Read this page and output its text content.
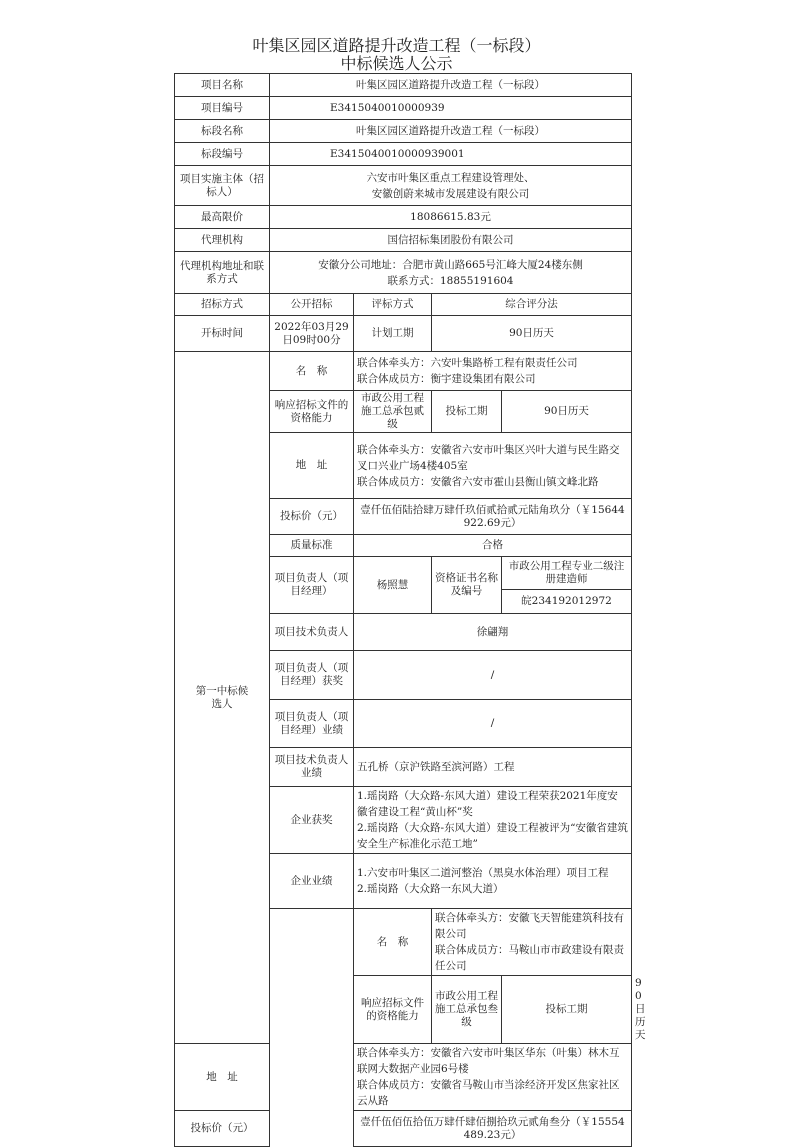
叶集区园区道路提升改造工程（一标段）
中标候选人公示
项目名称	叶集区园区道路提升改造工程（一标段）				
项目编号	E3415040010000939				
标段名称	叶集区园区道路提升改造工程（一标段）				
标段编号	E3415040010000939001				
项目实施主体（招标人）	六安市叶集区重点工程建设管理处、
安徽创蔚来城市发展建设有限公司				

最高限价	18086615.83元				
代理机构	国信招标集团股份有限公司				
代理机构地址和联系方式	安徽分公司地址：合肥市黄山路665号汇峰大厦24楼东侧
联系方式：18855191604				

招标方式	公开招标	评标方式	综合评分法		
开标时间	2022年03月29日09时00分	计划工期	90日历天		
第一中标候选人	名　称	联合体牵头方：六安叶集路桥工程有限责任公司
联合体成员方：衡宇建设集团有限公司			

	响应招标文件的资格能力	市政公用工程施工总承包贰级	投标工期	90日历天	
	地　址	联合体牵头方：安徽省六安市叶集区兴叶大道与民生路交叉口兴业广场4楼405室
联合体成员方：安徽省六安市霍山县衡山镇文峰北路			

	投标价（元）	壹仟伍佰陆拾肆万肆仟玖佰贰拾贰元陆角玖分（￥15644922.69元）			
	质量标准	合格			
	项目负责人（项目经理）	杨照慧	资格证书名称及编号	市政公用工程专业二级注册建造师	
				皖234192012972	
	项目技术负责人	徐翩翔			
	项目负责人（项目经理）获奖	/			
	项目负责人（项目经理）业绩	/			
	项目技术负责人业绩	五孔桥（京沪铁路至滨河路）工程			
	企业获奖	1.瑶岗路（大众路-东风大道）建设工程荣获2021年度安徽省建设工程“黄山杯”奖
2.瑶岗路（大众路-东风大道）建设工程被评为“安徽省建筑安全生产标准化示范工地”			

	企业业绩	1.六安市叶集区二道河整治（黑臭水体治理）项目工程
2.瑶岗路（大众路一东风大道）			

		名　称	联合体牵头方：安徽飞天智能建筑科技有限公司
联合体成员方：马鞍山市市政建设有限责任公司		

		响应招标文件的资格能力	市政公用工程施工总承包叁级	投标工期	90日历天
地　址		联合体牵头方：安徽省六安市叶集区华东（叶集）林木互联网大数据产业园6号楼
联合体成员方：安徽省马鞍山市当涂经济开发区焦家社区云从路			

投标价（元）		壹仟伍佰伍拾伍万肆仟肆佰捌拾玖元贰角叁分（￥15554489.23元）			
